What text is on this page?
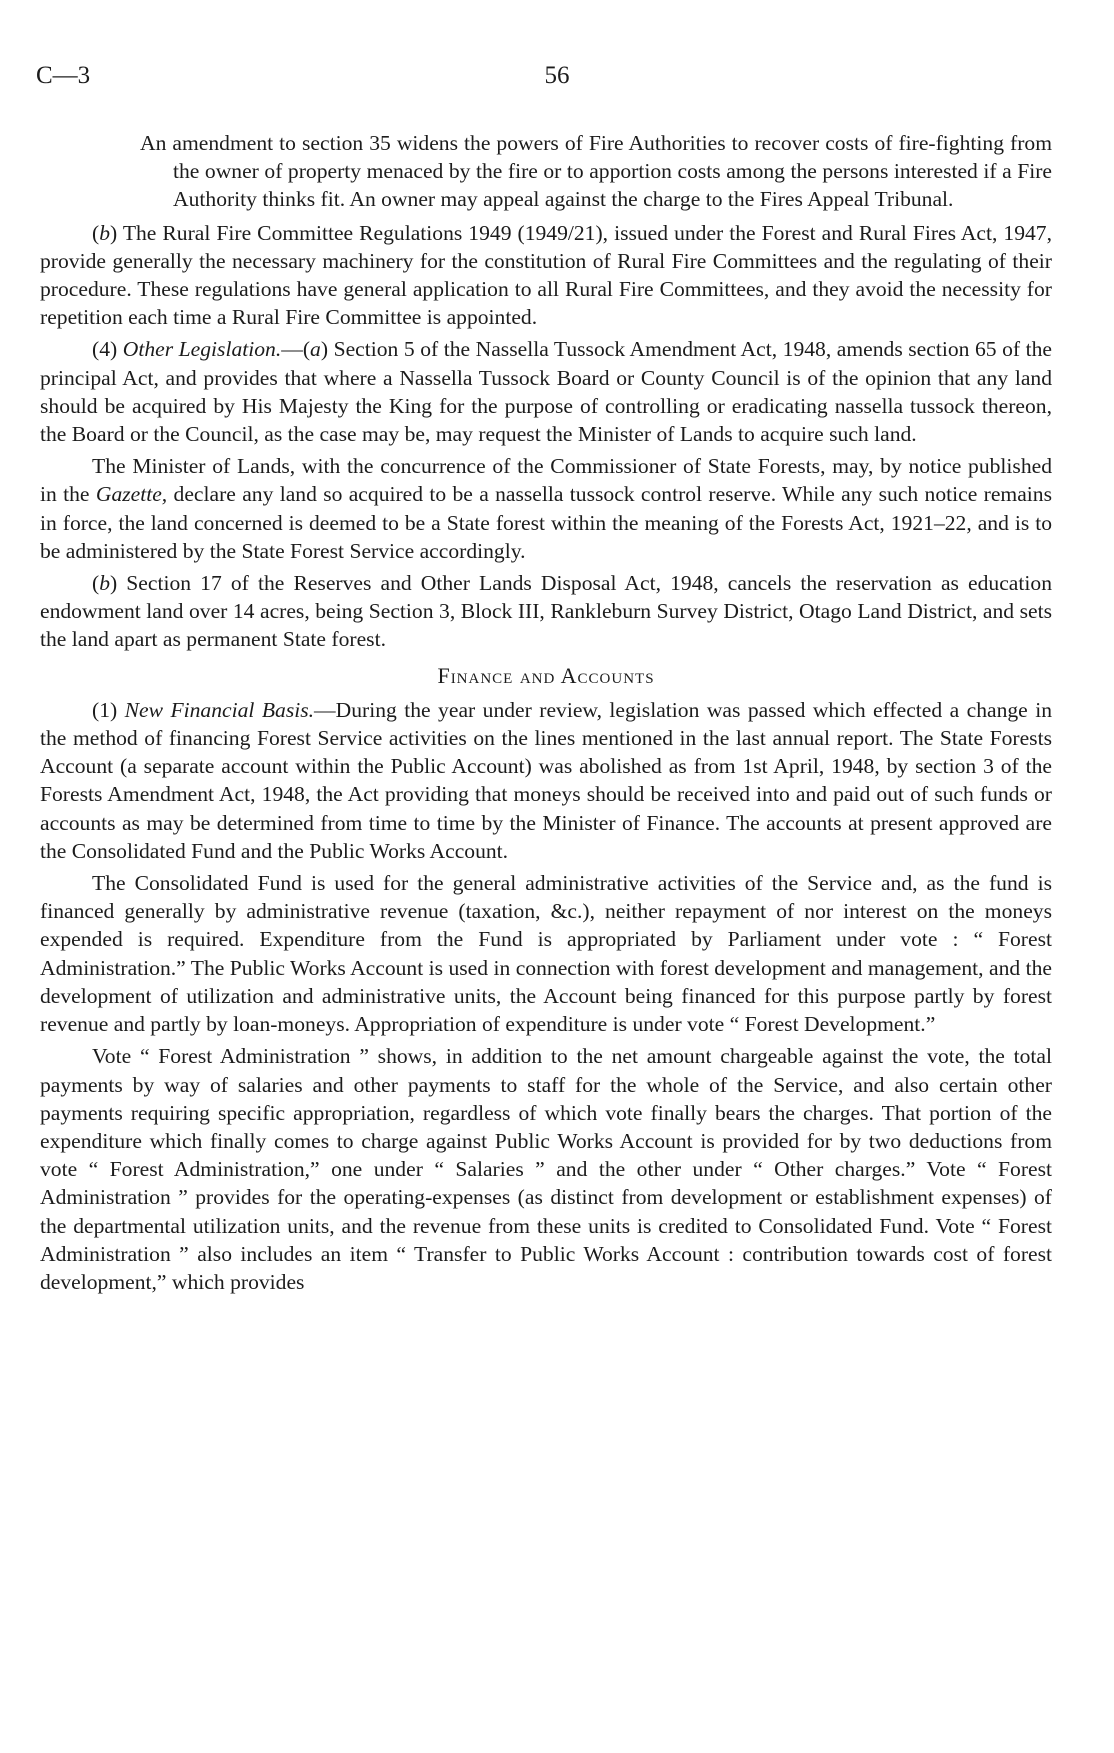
C—3	56

An amendment to section 35 widens the powers of Fire Authorities to recover costs of fire-fighting from the owner of property menaced by the fire or to apportion costs among the persons interested if a Fire Authority thinks fit. An owner may appeal against the charge to the Fires Appeal Tribunal.

(b) The Rural Fire Committee Regulations 1949 (1949/21), issued under the Forest and Rural Fires Act, 1947, provide generally the necessary machinery for the constitution of Rural Fire Committees and the regulating of their procedure. These regulations have general application to all Rural Fire Committees, and they avoid the necessity for repetition each time a Rural Fire Committee is appointed.

(4) Other Legislation.—(a) Section 5 of the Nassella Tussock Amendment Act, 1948, amends section 65 of the principal Act, and provides that where a Nassella Tussock Board or County Council is of the opinion that any land should be acquired by His Majesty the King for the purpose of controlling or eradicating nassella tussock thereon, the Board or the Council, as the case may be, may request the Minister of Lands to acquire such land.

The Minister of Lands, with the concurrence of the Commissioner of State Forests, may, by notice published in the Gazette, declare any land so acquired to be a nassella tussock control reserve. While any such notice remains in force, the land concerned is deemed to be a State forest within the meaning of the Forests Act, 1921–22, and is to be administered by the State Forest Service accordingly.

(b) Section 17 of the Reserves and Other Lands Disposal Act, 1948, cancels the reservation as education endowment land over 14 acres, being Section 3, Block III, Rankleburn Survey District, Otago Land District, and sets the land apart as permanent State forest.

Finance and Accounts

(1) New Financial Basis.—During the year under review, legislation was passed which effected a change in the method of financing Forest Service activities on the lines mentioned in the last annual report. The State Forests Account (a separate account within the Public Account) was abolished as from 1st April, 1948, by section 3 of the Forests Amendment Act, 1948, the Act providing that moneys should be received into and paid out of such funds or accounts as may be determined from time to time by the Minister of Finance. The accounts at present approved are the Consolidated Fund and the Public Works Account.

The Consolidated Fund is used for the general administrative activities of the Service and, as the fund is financed generally by administrative revenue (taxation, &c.), neither repayment of nor interest on the moneys expended is required. Expenditure from the Fund is appropriated by Parliament under vote : “ Forest Administration.” The Public Works Account is used in connection with forest development and management, and the development of utilization and administrative units, the Account being financed for this purpose partly by forest revenue and partly by loan-moneys. Appropriation of expenditure is under vote “ Forest Development.”

Vote “ Forest Administration ” shows, in addition to the net amount chargeable against the vote, the total payments by way of salaries and other payments to staff for the whole of the Service, and also certain other payments requiring specific appropriation, regardless of which vote finally bears the charges. That portion of the expenditure which finally comes to charge against Public Works Account is provided for by two deductions from vote “ Forest Administration,” one under “ Salaries ” and the other under “ Other charges.” Vote “ Forest Administration ” provides for the operating-expenses (as distinct from development or establishment expenses) of the departmental utilization units, and the revenue from these units is credited to Consolidated Fund. Vote “ Forest Administration ” also includes an item “ Transfer to Public Works Account : contribution towards cost of forest development,” which provides
